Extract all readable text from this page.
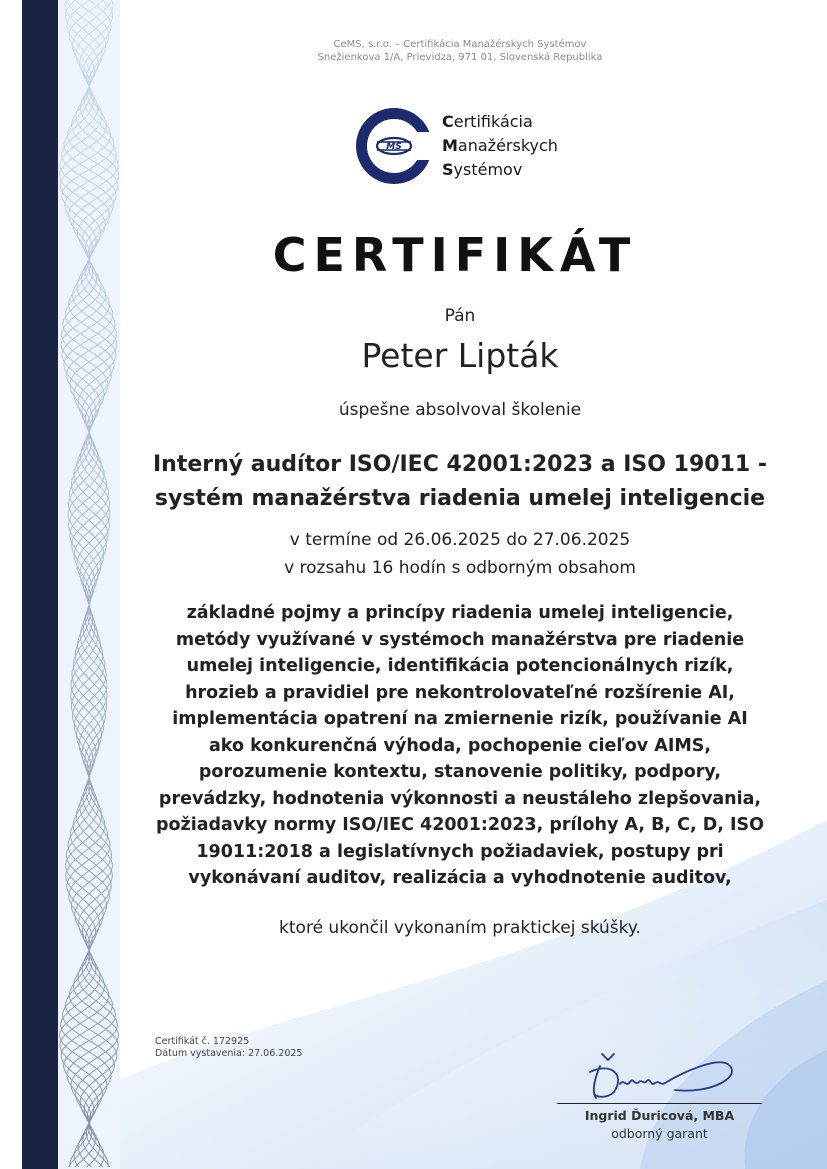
CeMS, s.r.o. – Certifikácia Manažérskych Systémov
Snežienkova 1/A, Prievidza, 971 01, Slovenská Republika
MS
Certifikácia
Manažérskych
Systémov
CERTIFIKÁT
Pán
Peter Lipták
úspešne absolvoval školenie
Interný audítor ISO/IEC 42001:2023 a ISO 19011 -
systém manažérstva riadenia umelej inteligencie
v termíne od 26.06.2025 do 27.06.2025
v rozsahu 16 hodín s odborným obsahom
základné pojmy a princípy riadenia umelej inteligencie,
metódy využívané v systémoch manažérstva pre riadenie
umelej inteligencie, identifikácia potencionálnych rizík,
hrozieb a pravidiel pre nekontrolovateľné rozšírenie AI,
implementácia opatrení na zmiernenie rizík, používanie AI
ako konkurenčná výhoda, pochopenie cieľov AIMS,
porozumenie kontextu, stanovenie politiky, podpory,
prevádzky, hodnotenia výkonnosti a neustáleho zlepšovania,
požiadavky normy ISO/IEC 42001:2023, prílohy A, B, C, D, ISO
19011:2018 a legislatívnych požiadaviek, postupy pri
vykonávaní auditov, realizácia a vyhodnotenie auditov,
ktoré ukončil vykonaním praktickej skúšky.
Certifikát č. 172925
Dátum vystavenia: 27.06.2025
Ingrid Ďuricová, MBA
odborný garant
